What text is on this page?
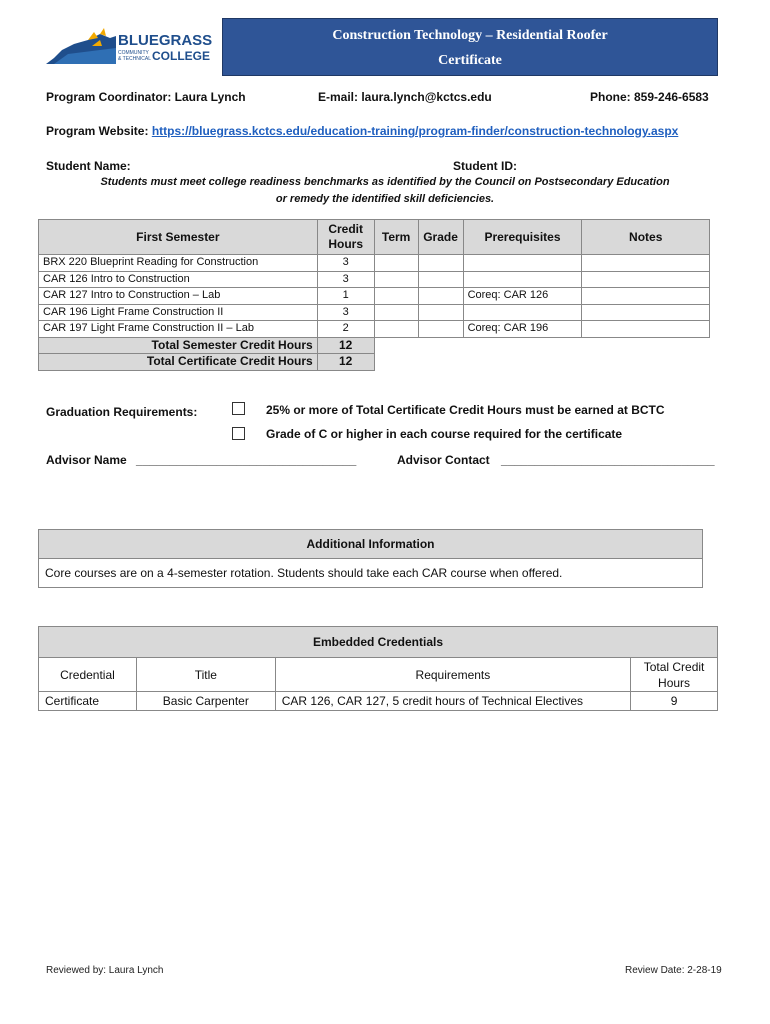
BLUEGRASS
COMMUNITY
& TECHNICAL COLLEGE
Construction Technology – Residential Roofer
Certificate
Program Coordinator: Laura Lynch	E-mail: laura.lynch@kctcs.edu	Phone: 859-246-6583
Program Website: https://bluegrass.kctcs.edu/education-training/program-finder/construction-technology.aspx
Student Name:	Student ID:
Students must meet college readiness benchmarks as identified by the Council on Postsecondary Education
or remedy the identified skill deficiencies.
First Semester	Credit
Hours	Term	Grade	Prerequisites	Notes
BRX 220 Blueprint Reading for Construction	3				
CAR 126 Intro to Construction	3				
CAR 127 Intro to Construction – Lab	1			Coreq: CAR 126	
CAR 196 Light Frame Construction II	3				
CAR 197 Light Frame Construction II – Lab	2			Coreq: CAR 196	
Total Semester Credit Hours	12				
Total Certificate Credit Hours	12				
Graduation Requirements:	25% or more of Total Certificate Credit Hours must be earned at BCTC
Grade of C or higher in each course required for the certificate
Advisor Name _________________________________	Advisor Contact ________________________________
Additional Information
Core courses are on a 4-semester rotation. Students should take each CAR course when offered.
Embedded Credentials			
Credential	Title	Requirements	Total Credit
Hours

Certificate	Basic Carpenter	CAR 126, CAR 127, 5 credit hours of Technical Electives	9
Reviewed by: Laura Lynch	Review Date: 2-28-19
